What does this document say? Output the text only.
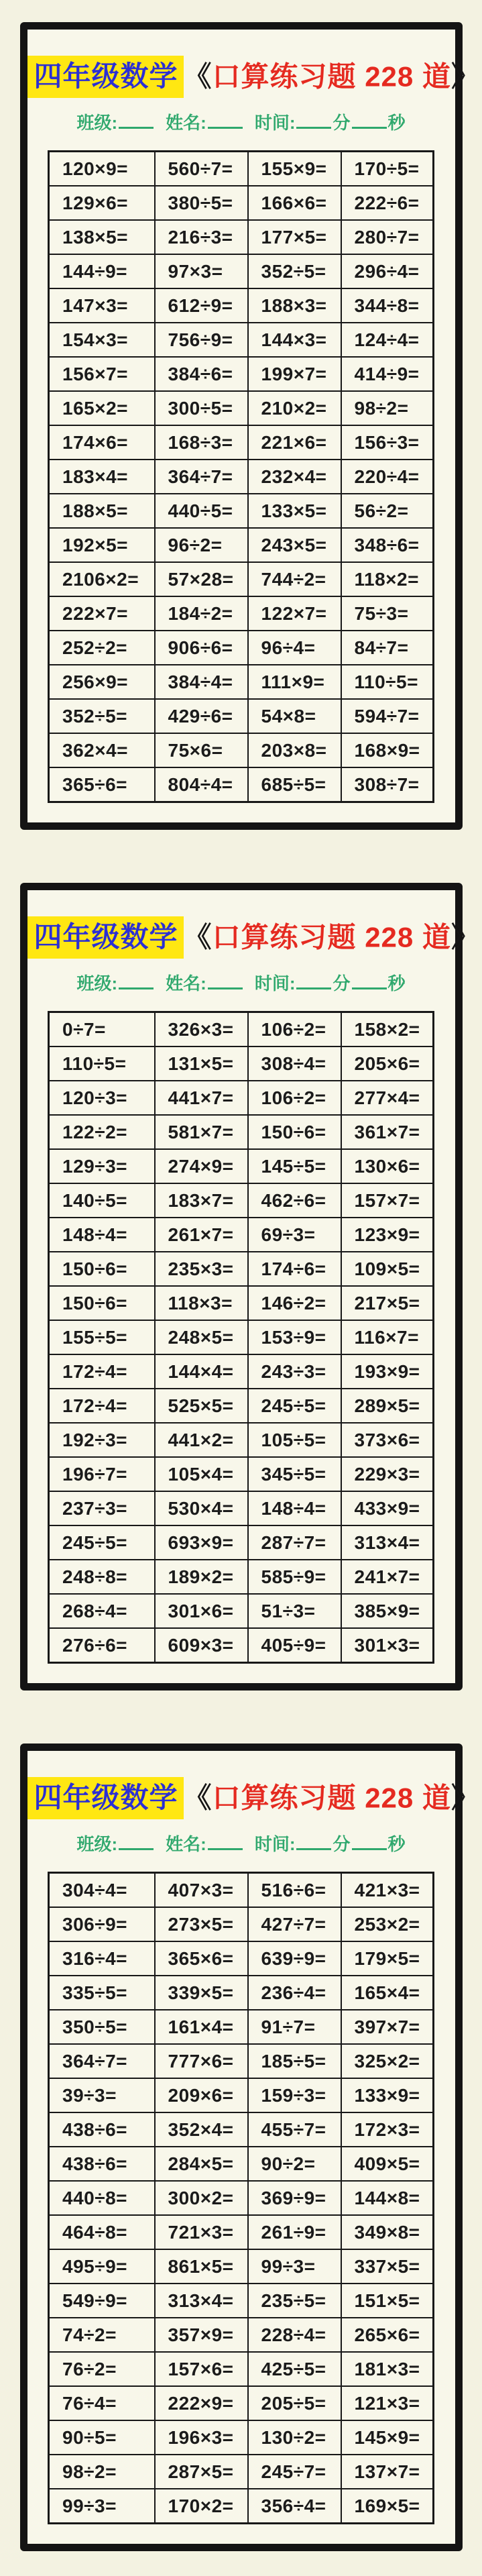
四年级数学 《口算练习题 228 道》
班级:	姓名:	时间: 分 秒
120×9=	560÷7=	155×9=	170÷5=
129×6=	380÷5=	166×6=	222÷6=
138×5=	216÷3=	177×5=	280÷7=
144÷9=	97×3=	352÷5=	296÷4=
147×3=	612÷9=	188×3=	344÷8=
154×3=	756÷9=	144×3=	124÷4=
156×7=	384÷6=	199×7=	414÷9=
165×2=	300÷5=	210×2=	98÷2=
174×6=	168÷3=	221×6=	156÷3=
183×4=	364÷7=	232×4=	220÷4=
188×5=	440÷5=	133×5=	56÷2=
192×5=	96÷2=	243×5=	348÷6=
2106×2=	57×28=	744÷2=	118×2=
222×7=	184÷2=	122×7=	75÷3=
252÷2=	906÷6=	96÷4=	84÷7=
256×9=	384÷4=	111×9=	110÷5=
352÷5=	429÷6=	54×8=	594÷7=
362×4=	75×6=	203×8=	168×9=
365÷6=	804÷4=	685÷5=	308÷7=
四年级数学 《口算练习题 228 道》
班级:	姓名:	时间: 分 秒
0÷7=	326×3=	106÷2=	158×2=
110÷5=	131×5=	308÷4=	205×6=
120÷3=	441×7=	106÷2=	277×4=
122÷2=	581×7=	150÷6=	361×7=
129÷3=	274×9=	145÷5=	130×6=
140÷5=	183×7=	462÷6=	157×7=
148÷4=	261×7=	69÷3=	123×9=
150÷6=	235×3=	174÷6=	109×5=
150÷6=	118×3=	146÷2=	217×5=
155÷5=	248×5=	153÷9=	116×7=
172÷4=	144×4=	243÷3=	193×9=
172÷4=	525×5=	245÷5=	289×5=
192÷3=	441×2=	105÷5=	373×6=
196÷7=	105×4=	345÷5=	229×3=
237÷3=	530×4=	148÷4=	433×9=
245÷5=	693×9=	287÷7=	313×4=
248÷8=	189×2=	585÷9=	241×7=
268÷4=	301×6=	51÷3=	385×9=
276÷6=	609×3=	405÷9=	301×3=
四年级数学 《口算练习题 228 道》
班级:	姓名:	时间: 分 秒
304÷4=	407×3=	516÷6=	421×3=
306÷9=	273×5=	427÷7=	253×2=
316÷4=	365×6=	639÷9=	179×5=
335÷5=	339×5=	236÷4=	165×4=
350÷5=	161×4=	91÷7=	397×7=
364÷7=	777×6=	185÷5=	325×2=
39÷3=	209×6=	159÷3=	133×9=
438÷6=	352×4=	455÷7=	172×3=
438÷6=	284×5=	90÷2=	409×5=
440÷8=	300×2=	369÷9=	144×8=
464÷8=	721×3=	261÷9=	349×8=
495÷9=	861×5=	99÷3=	337×5=
549÷9=	313×4=	235÷5=	151×5=
74÷2=	357×9=	228÷4=	265×6=
76÷2=	157×6=	425÷5=	181×3=
76÷4=	222×9=	205÷5=	121×3=
90÷5=	196×3=	130÷2=	145×9=
98÷2=	287×5=	245÷7=	137×7=
99÷3=	170×2=	356÷4=	169×5=
